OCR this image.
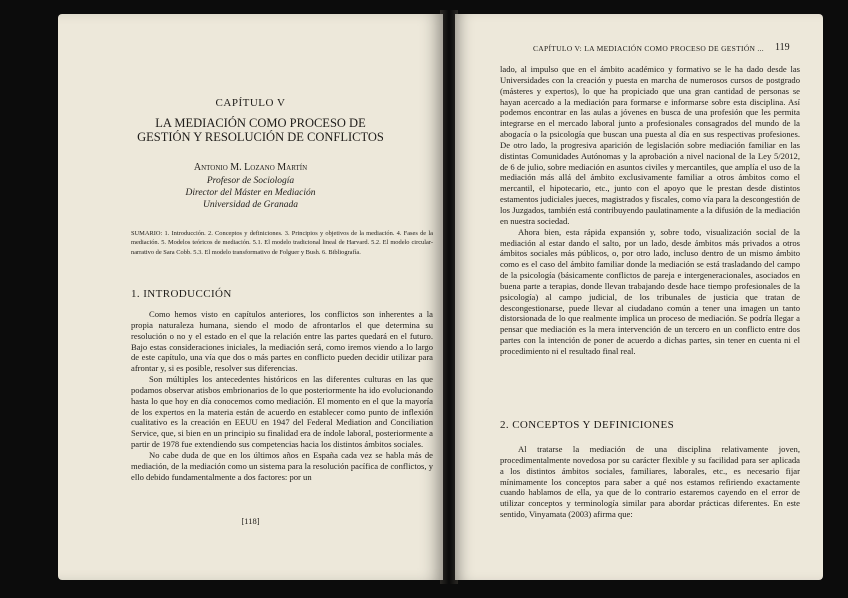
CAPÍTULO V
LA MEDIACIÓN COMO PROCESO DE GESTIÓN Y RESOLUCIÓN DE CONFLICTOS
Antonio M. Lozano Martín
Profesor de Sociología
Director del Máster en Mediación
Universidad de Granada
SUMARIO: 1. Introducción. 2. Conceptos y definiciones. 3. Principios y objetivos de la mediación. 4. Fases de la mediación. 5. Modelos teóricos de mediación. 5.1. El modelo tradicional lineal de Harvard. 5.2. El modelo circular-narrativo de Sara Cobb. 5.3. El modelo transformativo de Folguer y Bush. 6. Bibliografía.
1. INTRODUCCIÓN

Como hemos visto en capítulos anteriores, los conflictos son inherentes a la propia naturaleza humana, siendo el modo de afrontarlos el que determina su resolución o no y el estado en el que la relación entre las partes quedará en el futuro. Bajo estas consideraciones iniciales, la mediación será, como iremos viendo a lo largo de este capítulo, una vía que dos o más partes en conflicto pueden decidir utilizar para afrontar y, si es posible, resolver sus diferencias.

Son múltiples los antecedentes históricos en las diferentes culturas en las que podamos observar atisbos embrionarios de lo que posteriormente ha ido evolucionando hasta lo que hoy en día conocemos como mediación. El momento en el que la mayoría de los expertos en la materia están de acuerdo en establecer como punto de inflexión cualitativo es la creación en EEUU en 1947 del Federal Mediation and Conciliation Service, que, si bien en un principio su finalidad era de índole laboral, posteriormente a partir de 1978 fue extendiendo sus competencias hacia los distintos ámbitos sociales.

No cabe duda de que en los últimos años en España cada vez se habla más de mediación, de la mediación como un sistema para la resolución pacífica de conflictos, y ello debido fundamentalmente a dos factores: por un

[118]
CAPÍTULO V: LA MEDIACIÓN COMO PROCESO DE GESTIÓN ... 119

lado, al impulso que en el ámbito académico y formativo se le ha dado desde las Universidades con la creación y puesta en marcha de numerosos cursos de postgrado (másteres y expertos), lo que ha propiciado que una gran cantidad de personas se hayan acercado a la mediación para formarse e informarse sobre esta disciplina. Así podemos encontrar en las aulas a jóvenes en busca de una profesión que les permita integrarse en el mercado laboral junto a profesionales consagrados del mundo de la abogacía o la psicología que buscan una puesta al día en sus respectivas profesiones. De otro lado, la progresiva aparición de legislación sobre mediación familiar en las distintas Comunidades Autónomas y la aprobación a nivel nacional de la Ley 5/2012, de 6 de julio, sobre mediación en asuntos civiles y mercantiles, que amplía el uso de la mediación más allá del ámbito exclusivamente familiar a otros ámbitos como el mercantil, el hipotecario, etc., junto con el apoyo que le prestan desde distintos estamentos judiciales jueces, magistrados y fiscales, como vía para la descongestión de los Juzgados, también está contribuyendo paulatinamente a la difusión de la mediación en nuestra sociedad.

Ahora bien, esta rápida expansión y, sobre todo, visualización social de la mediación al estar dando el salto, por un lado, desde ámbitos más privados a otros ámbitos sociales más públicos, o, por otro lado, incluso dentro de un mismo ámbito como es el caso del ámbito familiar donde la mediación se está trasladando del campo de la psicología (básicamente conflictos de pareja e intergeneracionales, asociados en buena parte a terapias, donde llevan trabajando desde hace tiempo profesionales de la psicología) al campo judicial, de los tribunales de justicia que tratan de descongestionarse, puede llevar al ciudadano común a tener una imagen un tanto distorsionada de lo que realmente implica un proceso de mediación. Se podría llegar a pensar que mediación es la mera intervención de un tercero en un conflicto entre dos partes con la intención de poner de acuerdo a dichas partes, sin tener en cuenta ni el procedimiento ni el resultado final real.

2. CONCEPTOS Y DEFINICIONES

Al tratarse la mediación de una disciplina relativamente joven, procedimentalmente novedosa por su carácter flexible y su facilidad para ser aplicada a los distintos ámbitos sociales, familiares, laborales, etc., es necesario fijar mínimamente los conceptos para saber a qué nos estamos refiriendo exactamente cuando hablamos de ella, ya que de lo contrario estaremos cayendo en el error de utilizar conceptos y terminología similar para abordar prácticas diferentes. En este sentido, Vinyamata (2003) afirma que:
